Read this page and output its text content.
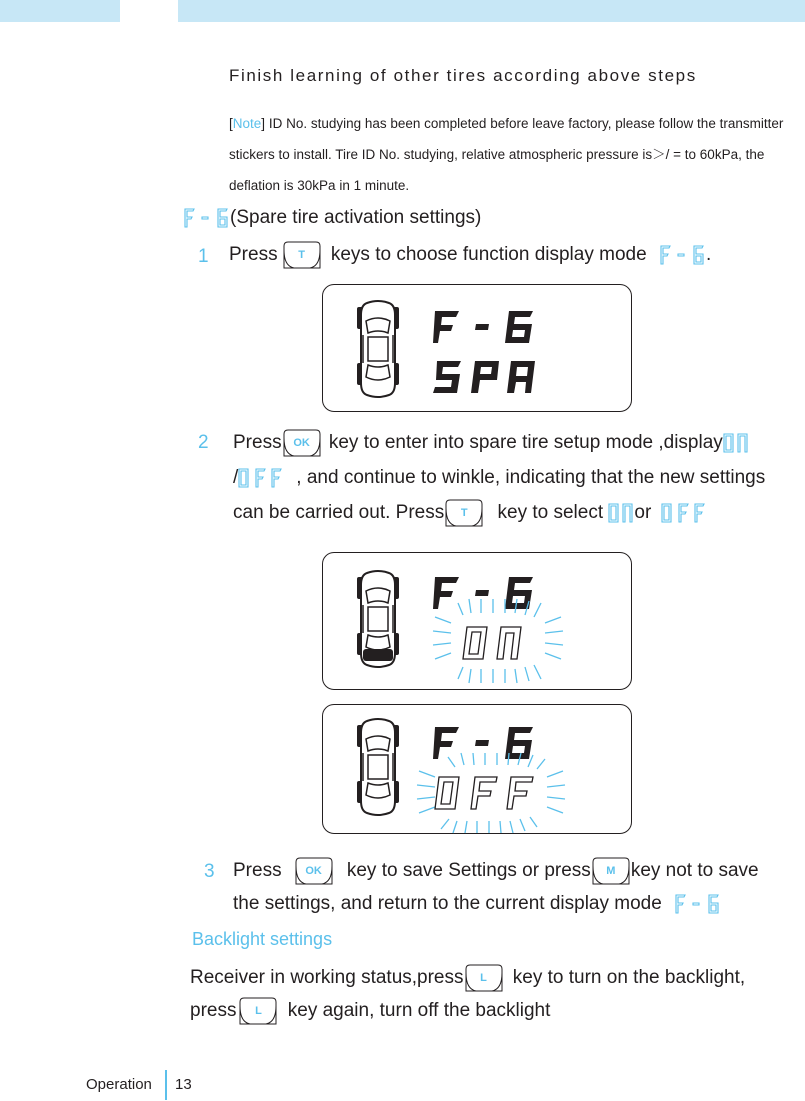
Finish learning of other tires according above steps
[Note] ID No. studying has been completed before leave factory, please follow the transmitter stickers to install. Tire ID No. studying, relative atmospheric pressure is＞/ = to 60kPa, the deflation is 30kPa in 1 minute.
(Spare tire activation settings)
1 Press	T	keys to choose function display mode	.
2 Press	OK key to enter into spare tire setup mode ,display
/	, and continue to winkle, indicating that the new settings
can be carried out. Press	T	key to select
or
3 Press	OK	key to save Settings or press	M key not to save
the settings, and return to the current display mode
Backlight settings
Receiver in working status,press	L	key to turn on the backlight,
press	L	key again, turn off the backlight
Operation 13
